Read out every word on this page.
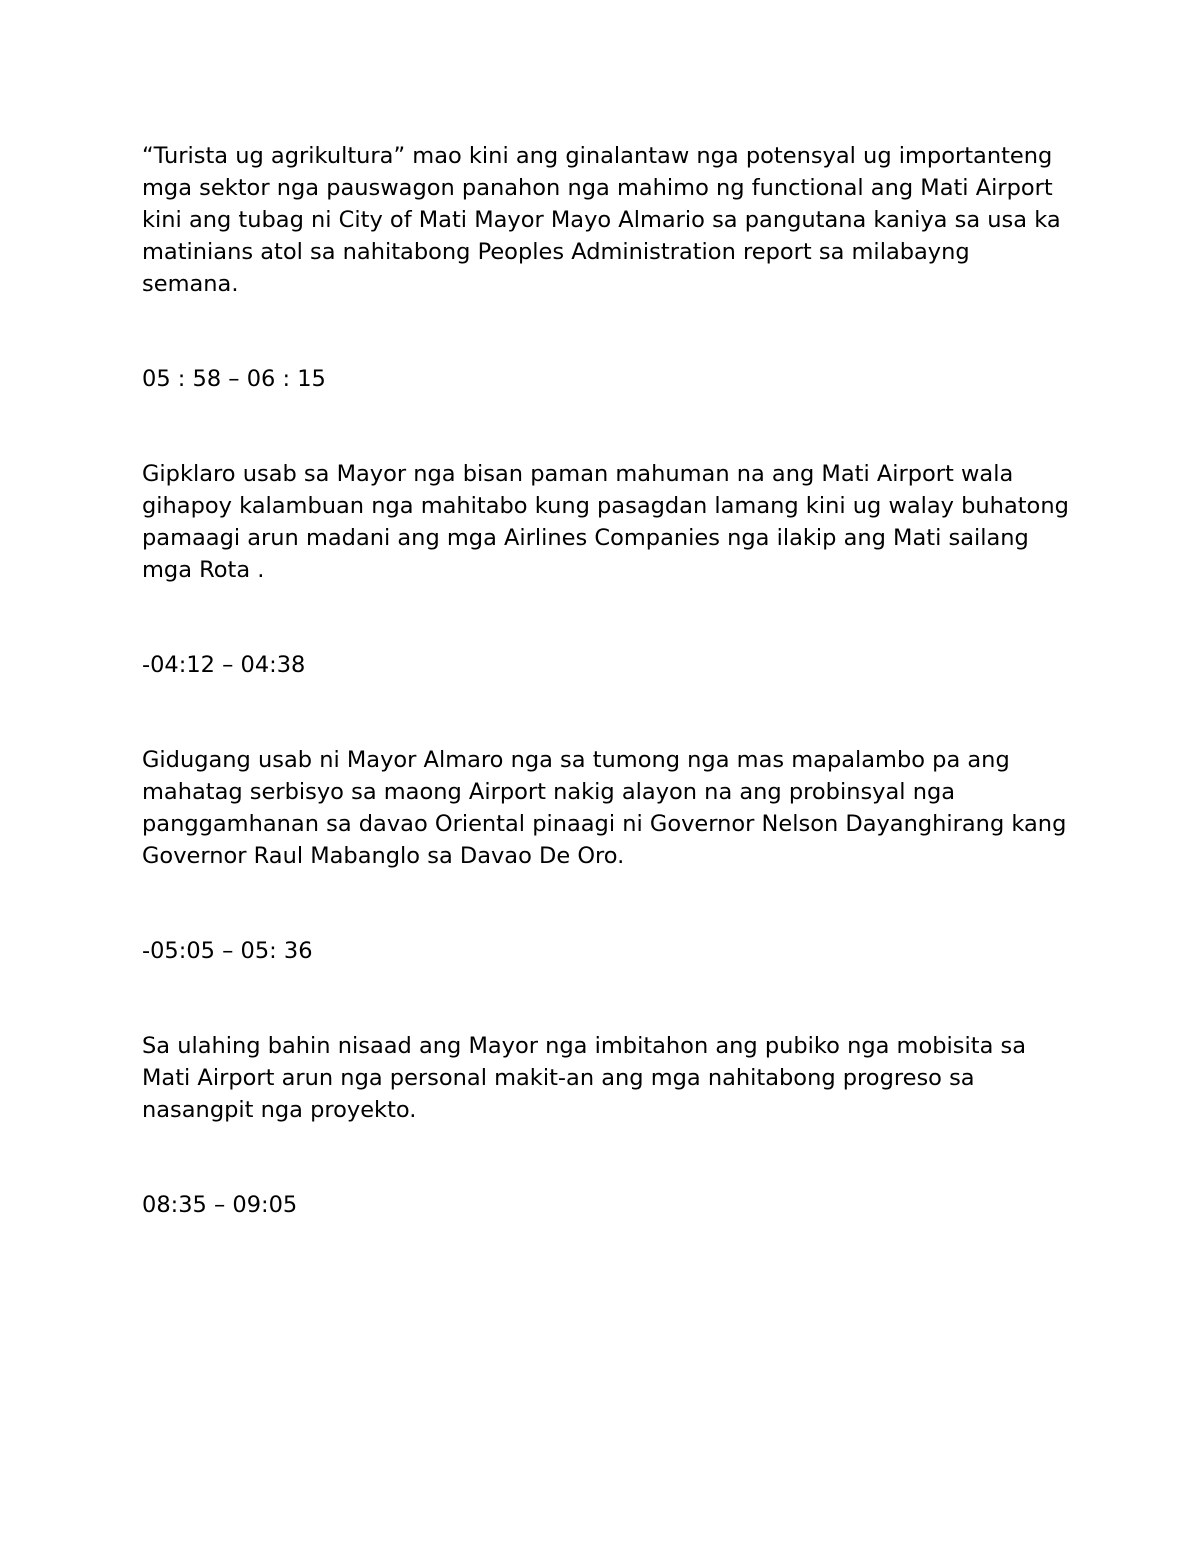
“Turista ug agrikultura” mao kini ang ginalantaw nga potensyal ug importanteng mga sektor nga pauswagon panahon nga mahimo ng functional ang Mati Airport kini ang tubag ni City of Mati Mayor Mayo Almario sa pangutana kaniya sa usa ka matinians atol sa nahitabong Peoples Administration report sa milabayng semana.

05 : 58 – 06 : 15

Gipklaro usab sa Mayor nga bisan paman mahuman na ang Mati Airport wala gihapoy kalambuan nga mahitabo kung pasagdan lamang kini ug walay buhatong pamaagi arun madani ang mga Airlines Companies nga ilakip ang Mati sailang mga Rota .

-04:12 – 04:38

Gidugang usab ni Mayor Almaro nga sa tumong nga mas mapalambo pa ang mahatag serbisyo sa maong Airport nakig alayon na ang probinsyal nga panggamhanan sa davao Oriental pinaagi ni Governor Nelson Dayanghirang kang Governor Raul Mabanglo sa Davao De Oro.

-05:05 – 05: 36

Sa ulahing bahin nisaad ang Mayor nga imbitahon ang pubiko nga mobisita sa Mati Airport arun nga personal makit-an ang mga nahitabong progreso sa nasangpit nga proyekto.

08:35 – 09:05
